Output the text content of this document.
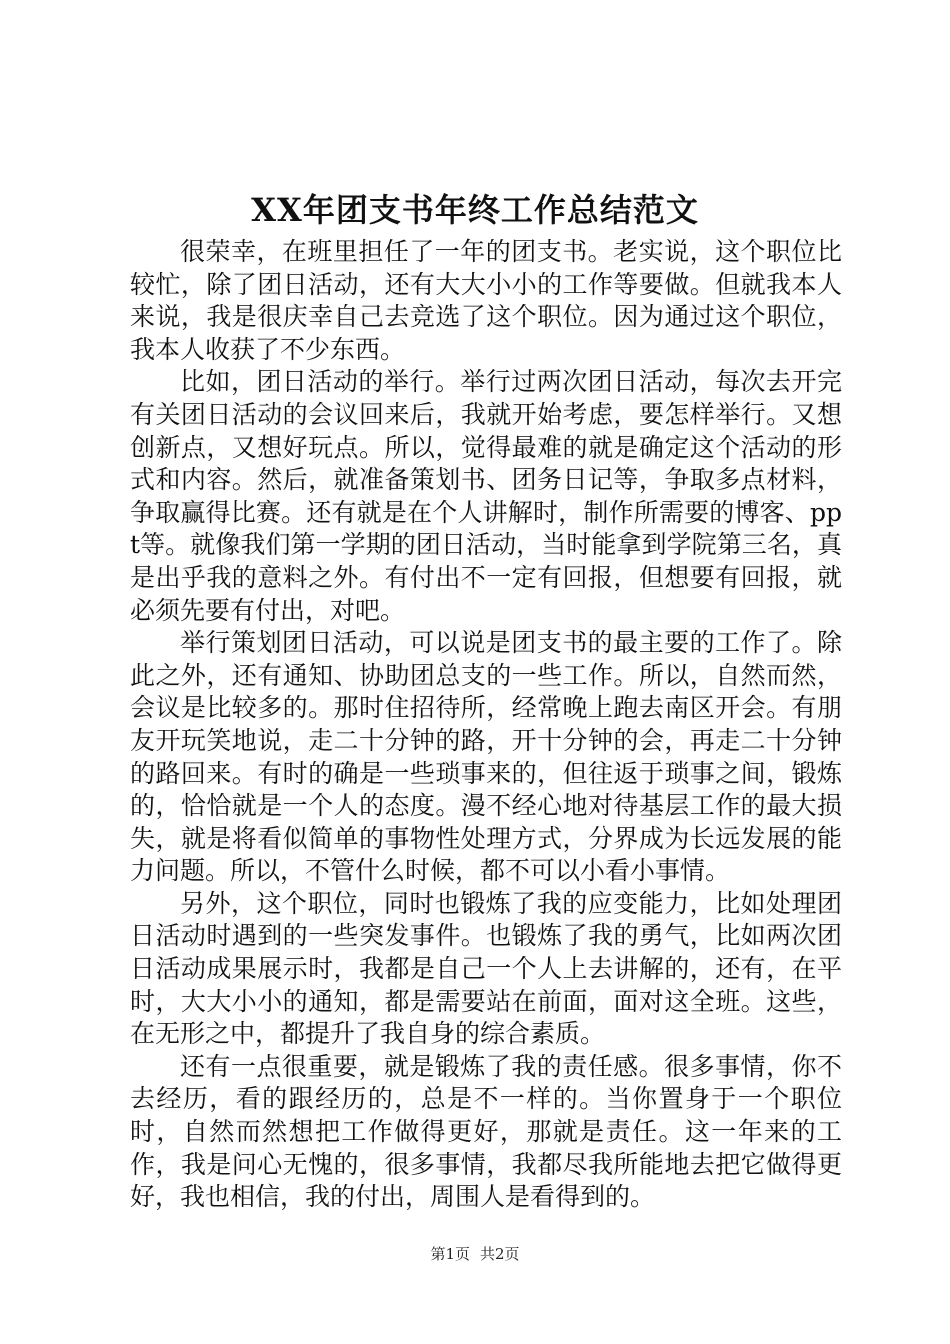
XX年团支书年终工作总结范文

很荣幸，在班里担任了一年的团支书。老实说，这个职位比较忙，除了团日活动，还有大大小小的工作等要做。但就我本人来说，我是很庆幸自己去竞选了这个职位。因为通过这个职位，我本人收获了不少东西。

比如，团日活动的举行。举行过两次团日活动，每次去开完有关团日活动的会议回来后，我就开始考虑，要怎样举行。又想创新点，又想好玩点。所以，觉得最难的就是确定这个活动的形式和内容。然后，就准备策划书、团务日记等，争取多点材料，争取赢得比赛。还有就是在个人讲解时，制作所需要的博客、ppt等。就像我们第一学期的团日活动，当时能拿到学院第三名，真是出乎我的意料之外。有付出不一定有回报，但想要有回报，就必须先要有付出，对吧。

举行策划团日活动，可以说是团支书的最主要的工作了。除此之外，还有通知、协助团总支的一些工作。所以，自然而然，会议是比较多的。那时住招待所，经常晚上跑去南区开会。有朋友开玩笑地说，走二十分钟的路，开十分钟的会，再走二十分钟的路回来。有时的确是一些琐事来的，但往返于琐事之间，锻炼的，恰恰就是一个人的态度。漫不经心地对待基层工作的最大损失，就是将看似简单的事物性处理方式，分界成为长远发展的能力问题。所以，不管什么时候，都不可以小看小事情。

另外，这个职位，同时也锻炼了我的应变能力，比如处理团日活动时遇到的一些突发事件。也锻炼了我的勇气，比如两次团日活动成果展示时，我都是自己一个人上去讲解的，还有，在平时，大大小小的通知，都是需要站在前面，面对这全班。这些，在无形之中，都提升了我自身的综合素质。

还有一点很重要，就是锻炼了我的责任感。很多事情，你不去经历，看的跟经历的，总是不一样的。当你置身于一个职位时，自然而然想把工作做得更好，那就是责任。这一年来的工作，我是问心无愧的，很多事情，我都尽我所能地去把它做得更好，我也相信，我的付出，周围人是看得到的。

第1页 共2页
